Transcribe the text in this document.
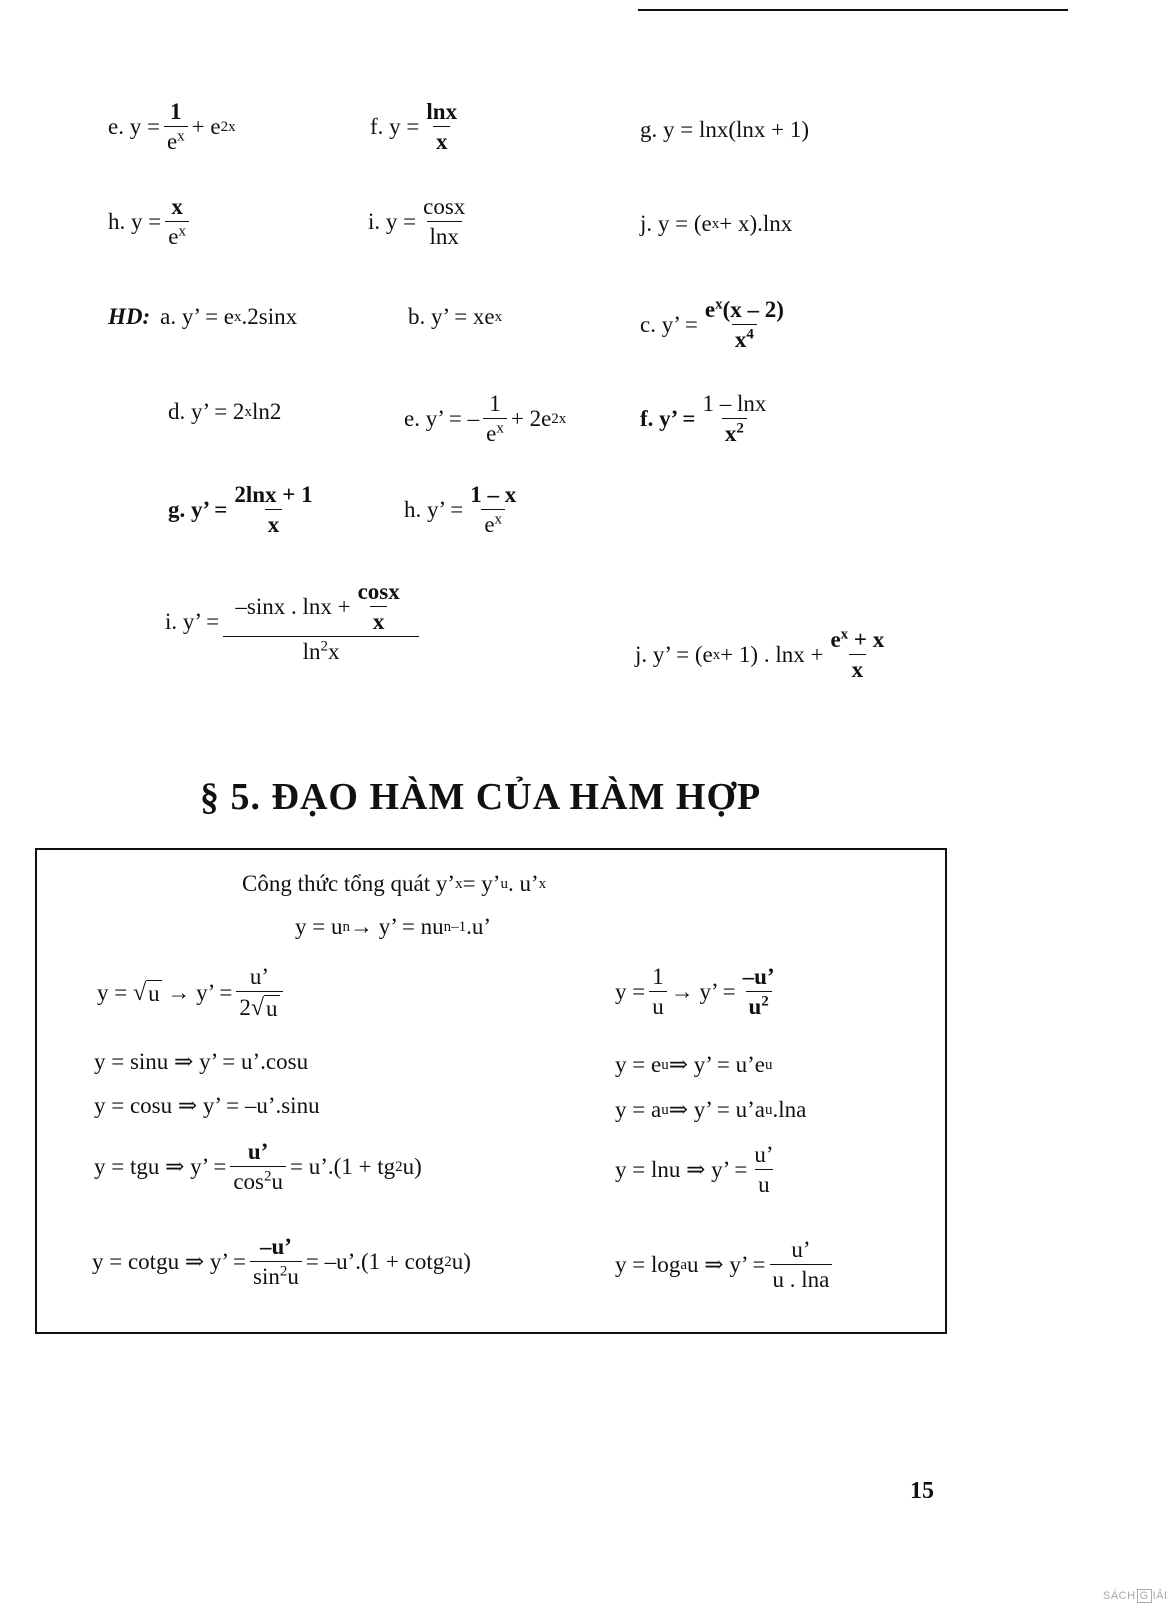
e. $y = \frac{1}{e^x} + e$ 2x	f. $y = \frac{\ln x}{x}$	g. y = lnx(lnx + 1)
h. $y = \frac{x}{e^x}$	i. $y = \frac{\cos x}{\ln x}$	j. y = (e x + x).lnx
HD: a. y’ = e x .2sinx	b. y’ = xe x	c. y’ = $\frac{e^x(x - 2)}{x^4}$
d. y’ = 2 x ln2	e. y’ = – $\frac{1}{e^x} + 2e$ 2x	f. y’ = $\frac{1 - \ln x}{x^2}$
g. y’ = $\frac{2\ln x + 1}{x}$	h. y’ = $\frac{1 - x}{e^x}$
i. y’ = $\frac{-\sin x . \ln x + \frac{\cos x}{x}}{\ln^2x}$	j. y’ = (e x + 1) . $\ln x + \frac{e^x + x}{x}$
§ 5. ĐẠO HÀM CỦA HÀM HỢP
Công thức tổng quát y’ x = y’ u . u’ x
y = u n → y’ = nu n–1 .u’
y =
√ u
→ y’ = $\frac{u’}{2 √ u}$	$y = \frac{1}{u} \to y$’ = $\frac{-u’}{u^2}$
y = sinu ⇒ y’ = u’.cosu	y = e u ⇒ y’ = u’e u
y = cosu ⇒ y’ = –u’.sinu	y = a u ⇒ y’ = u’a u .lna
y = tgu ⇒ y’ = $\frac{u’}{\cos^2u}$ = u’.(1 + tg 2 u)	y = lnu ⇒ y’ = $\frac{u’}{u}$
y = cotgu ⇒ y’ = $\frac{-u’}{\sin^2u}$ = –u’.(1 + cotg 2 u)	y = log a u ⇒ y’ = $\frac{u’}{u . \ln a}$
15
SÁCH G IẢI
